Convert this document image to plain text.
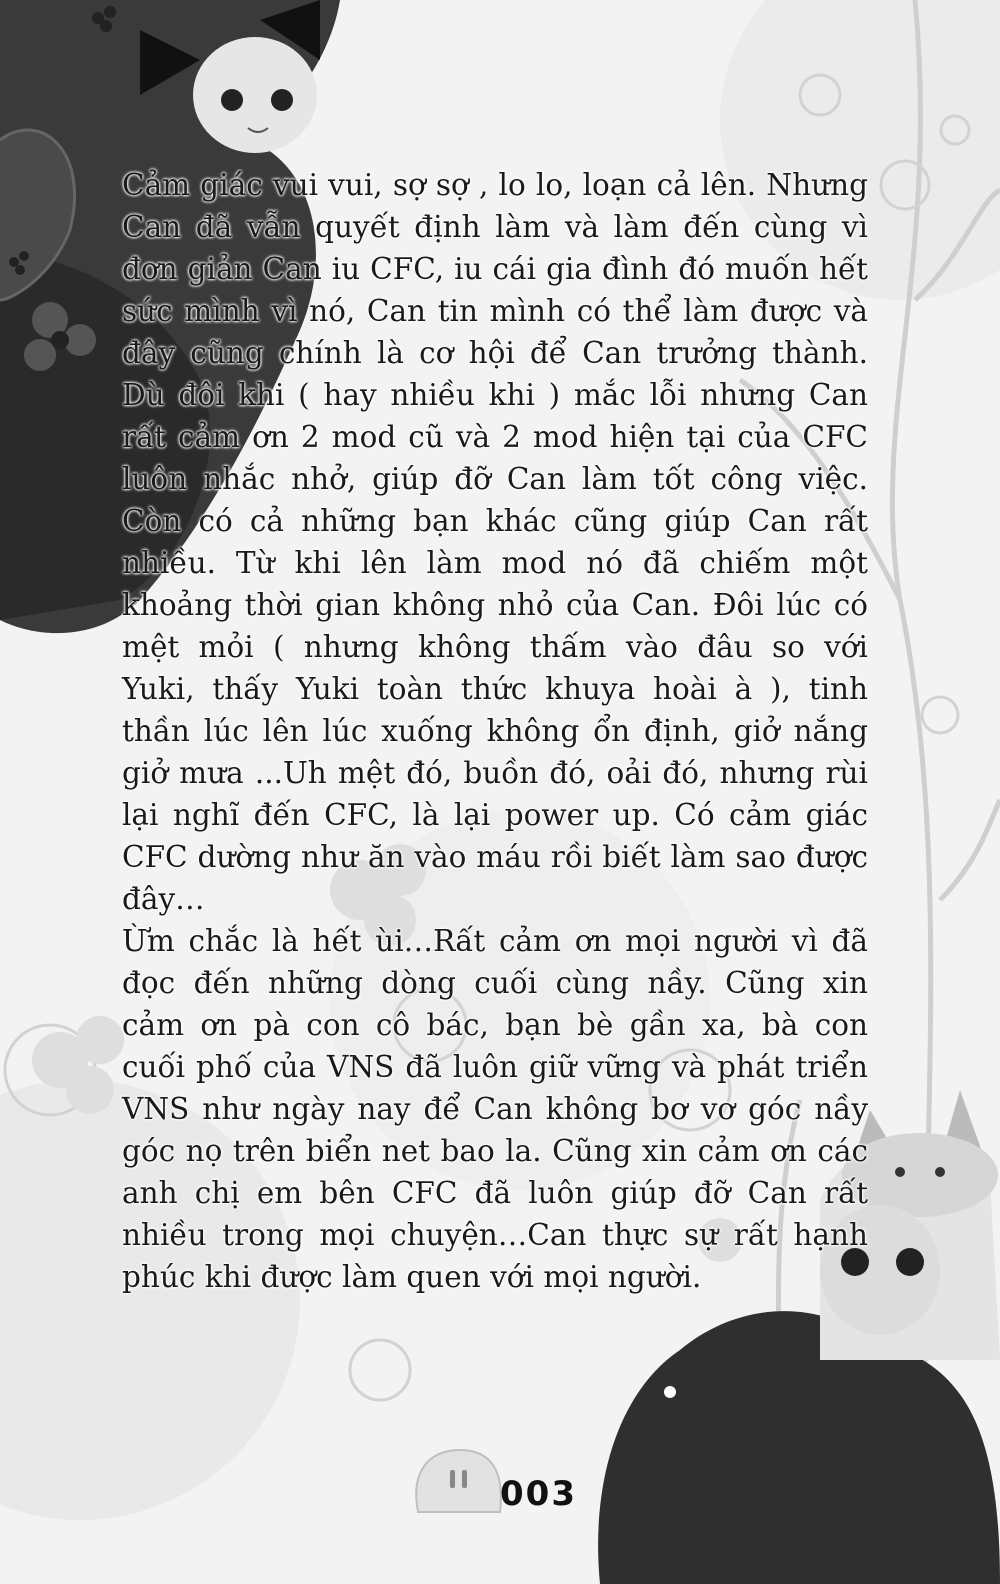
Cảm giác vui vui, sợ sợ , lo lo, loạn cả lên. Nhưng
Can đã vẫn quyết định làm và làm đến cùng vì
đơn giản Can iu CFC, iu cái gia đình đó muốn hết
sức mình vì nó, Can tin mình có thể làm được và
đây cũng chính là cơ hội để Can trưởng thành.
Dù đôi khi ( hay nhiều khi ) mắc lỗi nhưng Can
rất cảm ơn 2 mod cũ và 2 mod hiện tại của CFC
luôn nhắc nhở, giúp đỡ Can làm tốt công việc.
Còn có cả những bạn khác cũng giúp Can rất
nhiều. Từ khi lên làm mod nó đã chiếm một
khoảng thời gian không nhỏ của Can. Đôi lúc có
mệt mỏi ( nhưng không thấm vào đâu so với
Yuki, thấy Yuki toàn thức khuya hoài à ), tinh
thần lúc lên lúc xuống không ổn định, giở nắng
giở mưa ...Uh mệt đó, buồn đó, oải đó, nhưng rùi
lại nghĩ đến CFC, là lại power up. Có cảm giác
CFC dường như ăn vào máu rồi biết làm sao được
đây…
Ừm chắc là hết ùi…Rất cảm ơn mọi người vì đã
đọc đến những dòng cuối cùng nầy. Cũng xin
cảm ơn pà con cô bác, bạn bè gần xa, bà con
cuối phố của VNS đã luôn giữ vững và phát triển
VNS như ngày nay để Can không bơ vơ góc nầy
góc nọ trên biển net bao la. Cũng xin cảm ơn các
anh chị em bên CFC đã luôn giúp đỡ Can rất
nhiều trong mọi chuyện…Can thực sự rất hạnh
phúc khi được làm quen với mọi người.
003
